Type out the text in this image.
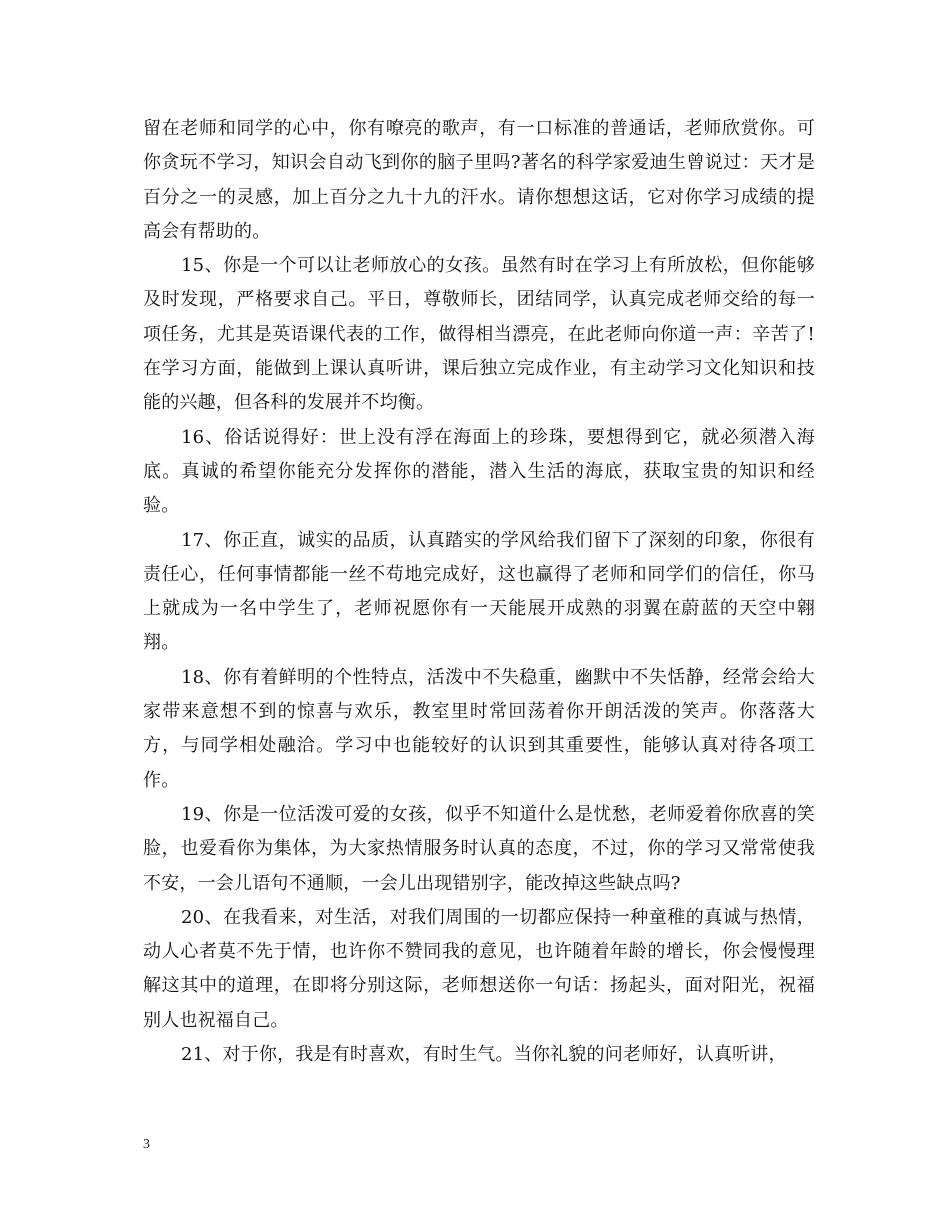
留在老师和同学的心中，你有嘹亮的歌声，有一口标准的普通话，老师欣赏你。可你贪玩不学习，知识会自动飞到你的脑子里吗?著名的科学家爱迪生曾说过：天才是百分之一的灵感，加上百分之九十九的汗水。请你想想这话，它对你学习成绩的提高会有帮助的。

15、你是一个可以让老师放心的女孩。虽然有时在学习上有所放松，但你能够及时发现，严格要求自己。平日，尊敬师长，团结同学，认真完成老师交给的每一项任务，尤其是英语课代表的工作，做得相当漂亮，在此老师向你道一声：辛苦了!在学习方面，能做到上课认真听讲，课后独立完成作业，有主动学习文化知识和技能的兴趣，但各科的发展并不均衡。

16、俗话说得好：世上没有浮在海面上的珍珠，要想得到它，就必须潜入海底。真诚的希望你能充分发挥你的潜能，潜入生活的海底，获取宝贵的知识和经验。

17、你正直，诚实的品质，认真踏实的学风给我们留下了深刻的印象，你很有责任心，任何事情都能一丝不苟地完成好，这也赢得了老师和同学们的信任，你马上就成为一名中学生了，老师祝愿你有一天能展开成熟的羽翼在蔚蓝的天空中翱翔。

18、你有着鲜明的个性特点，活泼中不失稳重，幽默中不失恬静，经常会给大家带来意想不到的惊喜与欢乐，教室里时常回荡着你开朗活泼的笑声。你落落大方，与同学相处融洽。学习中也能较好的认识到其重要性，能够认真对待各项工作。

19、你是一位活泼可爱的女孩，似乎不知道什么是忧愁，老师爱着你欣喜的笑脸，也爱看你为集体，为大家热情服务时认真的态度，不过，你的学习又常常使我不安，一会儿语句不通顺，一会儿出现错别字，能改掉这些缺点吗?

20、在我看来，对生活，对我们周围的一切都应保持一种童稚的真诚与热情，动人心者莫不先于情，也许你不赞同我的意见，也许随着年龄的增长，你会慢慢理解这其中的道理，在即将分别这际，老师想送你一句话：扬起头，面对阳光，祝福别人也祝福自己。

21、对于你，我是有时喜欢，有时生气。当你礼貌的问老师好，认真听讲，

3
